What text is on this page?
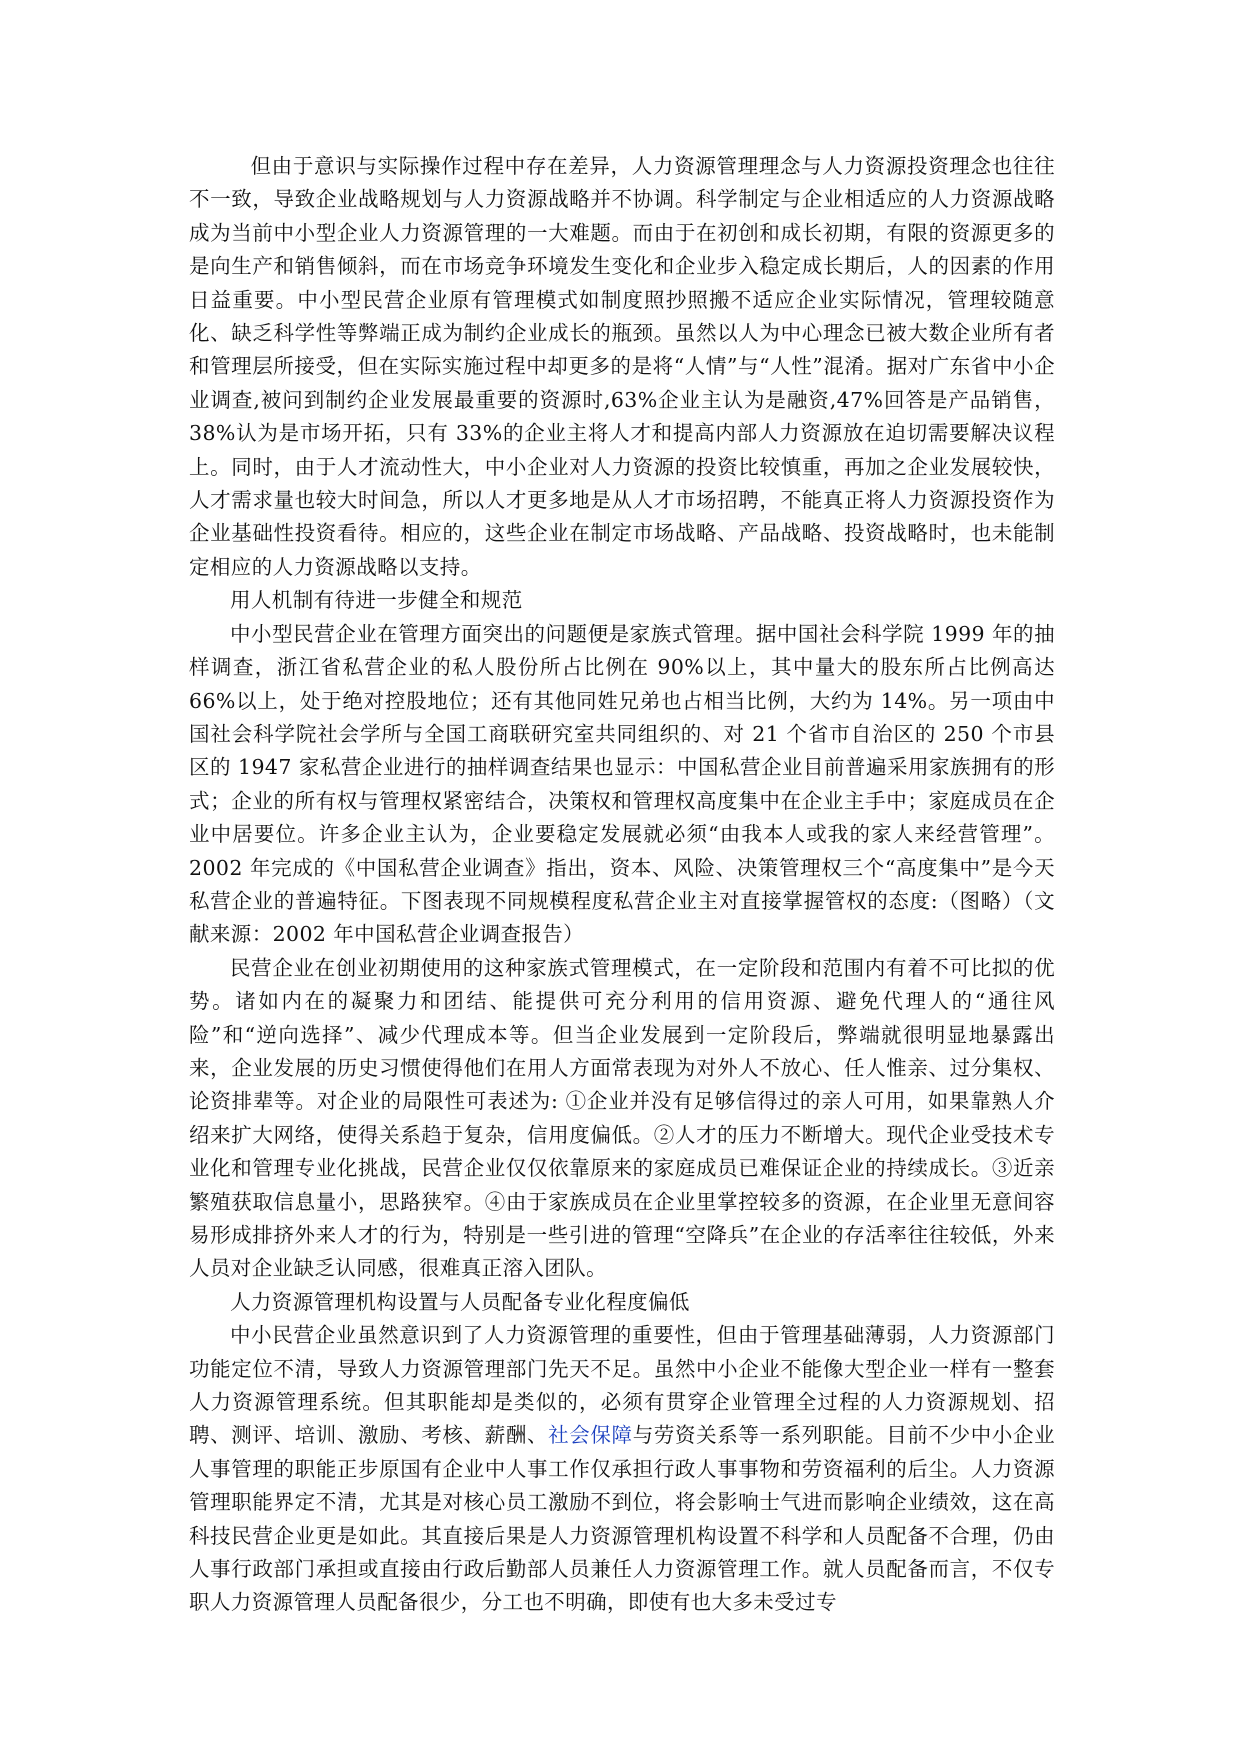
但由于意识与实际操作过程中存在差异，人力资源管理理念与人力资源投资理念也往往不一致，导致企业战略规划与人力资源战略并不协调。科学制定与企业相适应的人力资源战略成为当前中小型企业人力资源管理的一大难题。而由于在初创和成长初期，有限的资源更多的是向生产和销售倾斜，而在市场竞争环境发生变化和企业步入稳定成长期后，人的因素的作用日益重要。中小型民营企业原有管理模式如制度照抄照搬不适应企业实际情况，管理较随意化、缺乏科学性等弊端正成为制约企业成长的瓶颈。虽然以人为中心理念已被大数企业所有者和管理层所接受，但在实际实施过程中却更多的是将“人情”与“人性”混淆。据对广东省中小企业调查,被问到制约企业发展最重要的资源时,63%企业主认为是融资,47%回答是产品销售，38%认为是市场开拓，只有 33%的企业主将人才和提高内部人力资源放在迫切需要解决议程上。同时，由于人才流动性大，中小企业对人力资源的投资比较慎重，再加之企业发展较快，人才需求量也较大时间急，所以人才更多地是从人才市场招聘，不能真正将人力资源投资作为企业基础性投资看待。相应的，这些企业在制定市场战略、产品战略、投资战略时，也未能制定相应的人力资源战略以支持。

用人机制有待进一步健全和规范

中小型民营企业在管理方面突出的问题便是家族式管理。据中国社会科学院 1999 年的抽样调查，浙江省私营企业的私人股份所占比例在 90%以上，其中量大的股东所占比例高达 66%以上，处于绝对控股地位；还有其他同姓兄弟也占相当比例，大约为 14%。另一项由中国社会科学院社会学所与全国工商联研究室共同组织的、对 21 个省市自治区的 250 个市县区的 1947 家私营企业进行的抽样调查结果也显示：中国私营企业目前普遍采用家族拥有的形式；企业的所有权与管理权紧密结合，决策权和管理权高度集中在企业主手中；家庭成员在企业中居要位。许多企业主认为，企业要稳定发展就必须“由我本人或我的家人来经营管理”。2002 年完成的《中国私营企业调查》指出，资本、风险、决策管理权三个“高度集中”是今天私营企业的普遍特征。下图表现不同规模程度私营企业主对直接掌握管权的态度:（图略）（文献来源：2002 年中国私营企业调查报告）

民营企业在创业初期使用的这种家族式管理模式，在一定阶段和范围内有着不可比拟的优势。诸如内在的凝聚力和团结、能提供可充分利用的信用资源、避免代理人的“通往风险”和“逆向选择”、减少代理成本等。但当企业发展到一定阶段后，弊端就很明显地暴露出来，企业发展的历史习惯使得他们在用人方面常表现为对外人不放心、任人惟亲、过分集权、论资排辈等。对企业的局限性可表述为: ①企业并没有足够信得过的亲人可用，如果靠熟人介绍来扩大网络，使得关系趋于复杂，信用度偏低。②人才的压力不断增大。现代企业受技术专业化和管理专业化挑战，民营企业仅仅依靠原来的家庭成员已难保证企业的持续成长。③近亲繁殖获取信息量小，思路狭窄。④由于家族成员在企业里掌控较多的资源，在企业里无意间容易形成排挤外来人才的行为，特别是一些引进的管理“空降兵”在企业的存活率往往较低，外来人员对企业缺乏认同感，很难真正溶入团队。

人力资源管理机构设置与人员配备专业化程度偏低

中小民营企业虽然意识到了人力资源管理的重要性，但由于管理基础薄弱，人力资源部门功能定位不清，导致人力资源管理部门先天不足。虽然中小企业不能像大型企业一样有一整套人力资源管理系统。但其职能却是类似的，必须有贯穿企业管理全过程的人力资源规划、招聘、测评、培训、激励、考核、薪酬、社会保障与劳资关系等一系列职能。目前不少中小企业人事管理的职能正步原国有企业中人事工作仅承担行政人事事物和劳资福利的后尘。人力资源管理职能界定不清，尤其是对核心员工激励不到位，将会影响士气进而影响企业绩效，这在高科技民营企业更是如此。其直接后果是人力资源管理机构设置不科学和人员配备不合理，仍由人事行政部门承担或直接由行政后勤部人员兼任人力资源管理工作。就人员配备而言，不仅专职人力资源管理人员配备很少，分工也不明确，即使有也大多未受过专
